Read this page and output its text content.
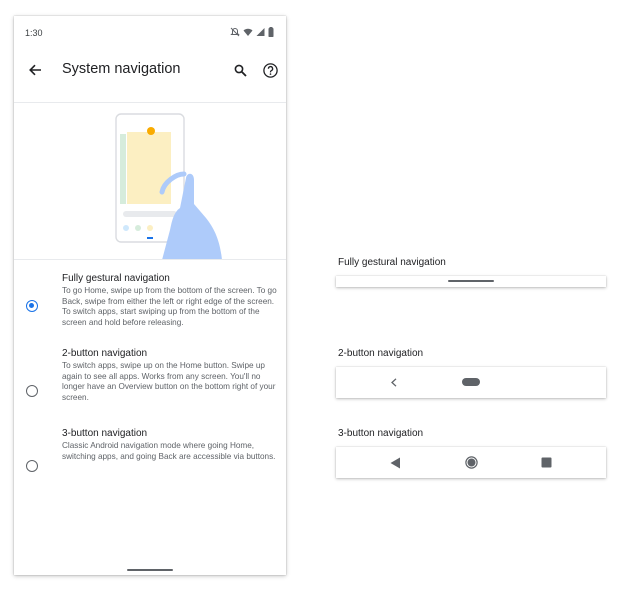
1:30
System navigation
Fully gestural navigation
To go Home, swipe up from the bottom of the screen. To go Back, swipe from either the left or right edge of the screen. To switch apps, start swiping up from the bottom of the screen and hold before releasing.
2-button navigation
To switch apps, swipe up on the Home button. Swipe up again to see all apps. Works from any screen. You'll no longer have an Overview button on the bottom right of your screen.
3-button navigation
Classic Android navigation mode where going Home, switching apps, and going Back are accessible via buttons.
Fully gestural navigation
2-button navigation
3-button navigation
